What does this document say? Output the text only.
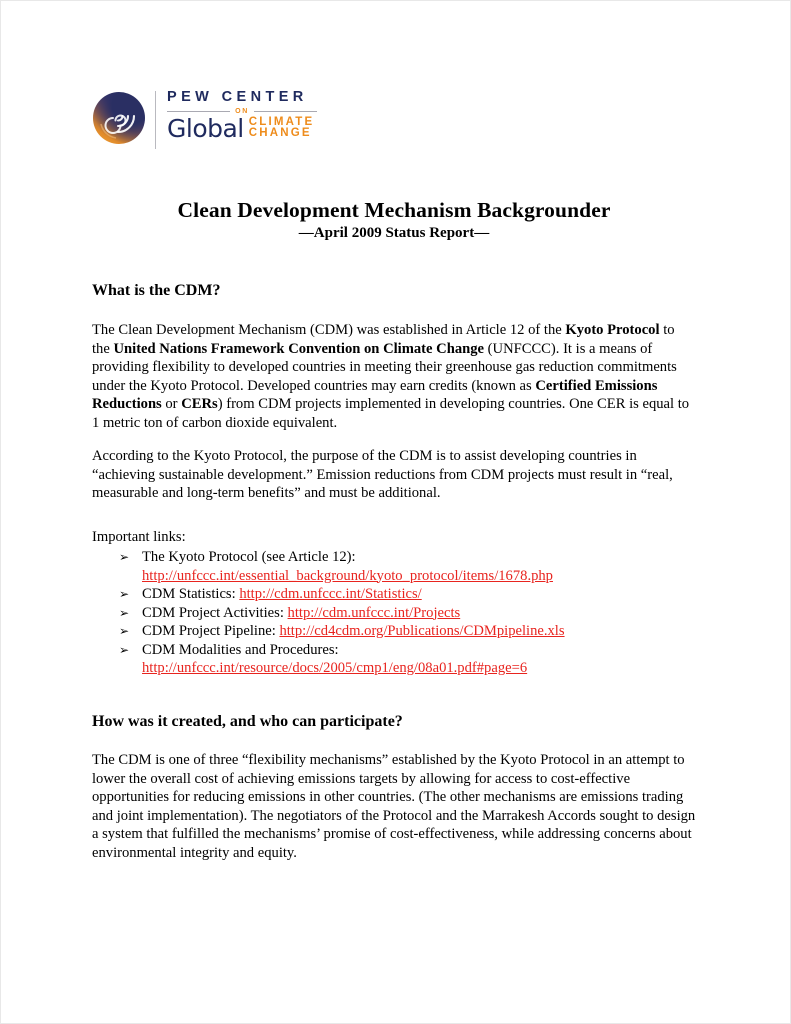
PEW CENTER
ON
Global CLIMATE
CHANGE
Clean Development Mechanism Backgrounder
—April 2009 Status Report—
What is the CDM?

The Clean Development Mechanism (CDM) was established in Article 12 of the Kyoto Protocol to the United Nations Framework Convention on Climate Change (UNFCCC). It is a means of providing flexibility to developed countries in meeting their greenhouse gas reduction commitments under the Kyoto Protocol. Developed countries may earn credits (known as Certified Emissions Reductions or CERs) from CDM projects implemented in developing countries. One CER is equal to 1 metric ton of carbon dioxide equivalent.

According to the Kyoto Protocol, the purpose of the CDM is to assist developing countries in “achieving sustainable development.” Emission reductions from CDM projects must result in “real, measurable and long-term benefits” and must be additional.

Important links:
➢ The Kyoto Protocol (see Article 12):
http://unfccc.int/essential_background/kyoto_protocol/items/1678.php
➢ CDM Statistics: http://cdm.unfccc.int/Statistics/
➢ CDM Project Activities: http://cdm.unfccc.int/Projects
➢ CDM Project Pipeline: http://cd4cdm.org/Publications/CDMpipeline.xls
➢ CDM Modalities and Procedures:
http://unfccc.int/resource/docs/2005/cmp1/eng/08a01.pdf#page=6
How was it created, and who can participate?

The CDM is one of three “flexibility mechanisms” established by the Kyoto Protocol in an attempt to lower the overall cost of achieving emissions targets by allowing for access to cost-effective opportunities for reducing emissions in other countries. (The other mechanisms are emissions trading and joint implementation). The negotiators of the Protocol and the Marrakesh Accords sought to design a system that fulfilled the mechanisms’ promise of cost-effectiveness, while addressing concerns about environmental integrity and equity.
